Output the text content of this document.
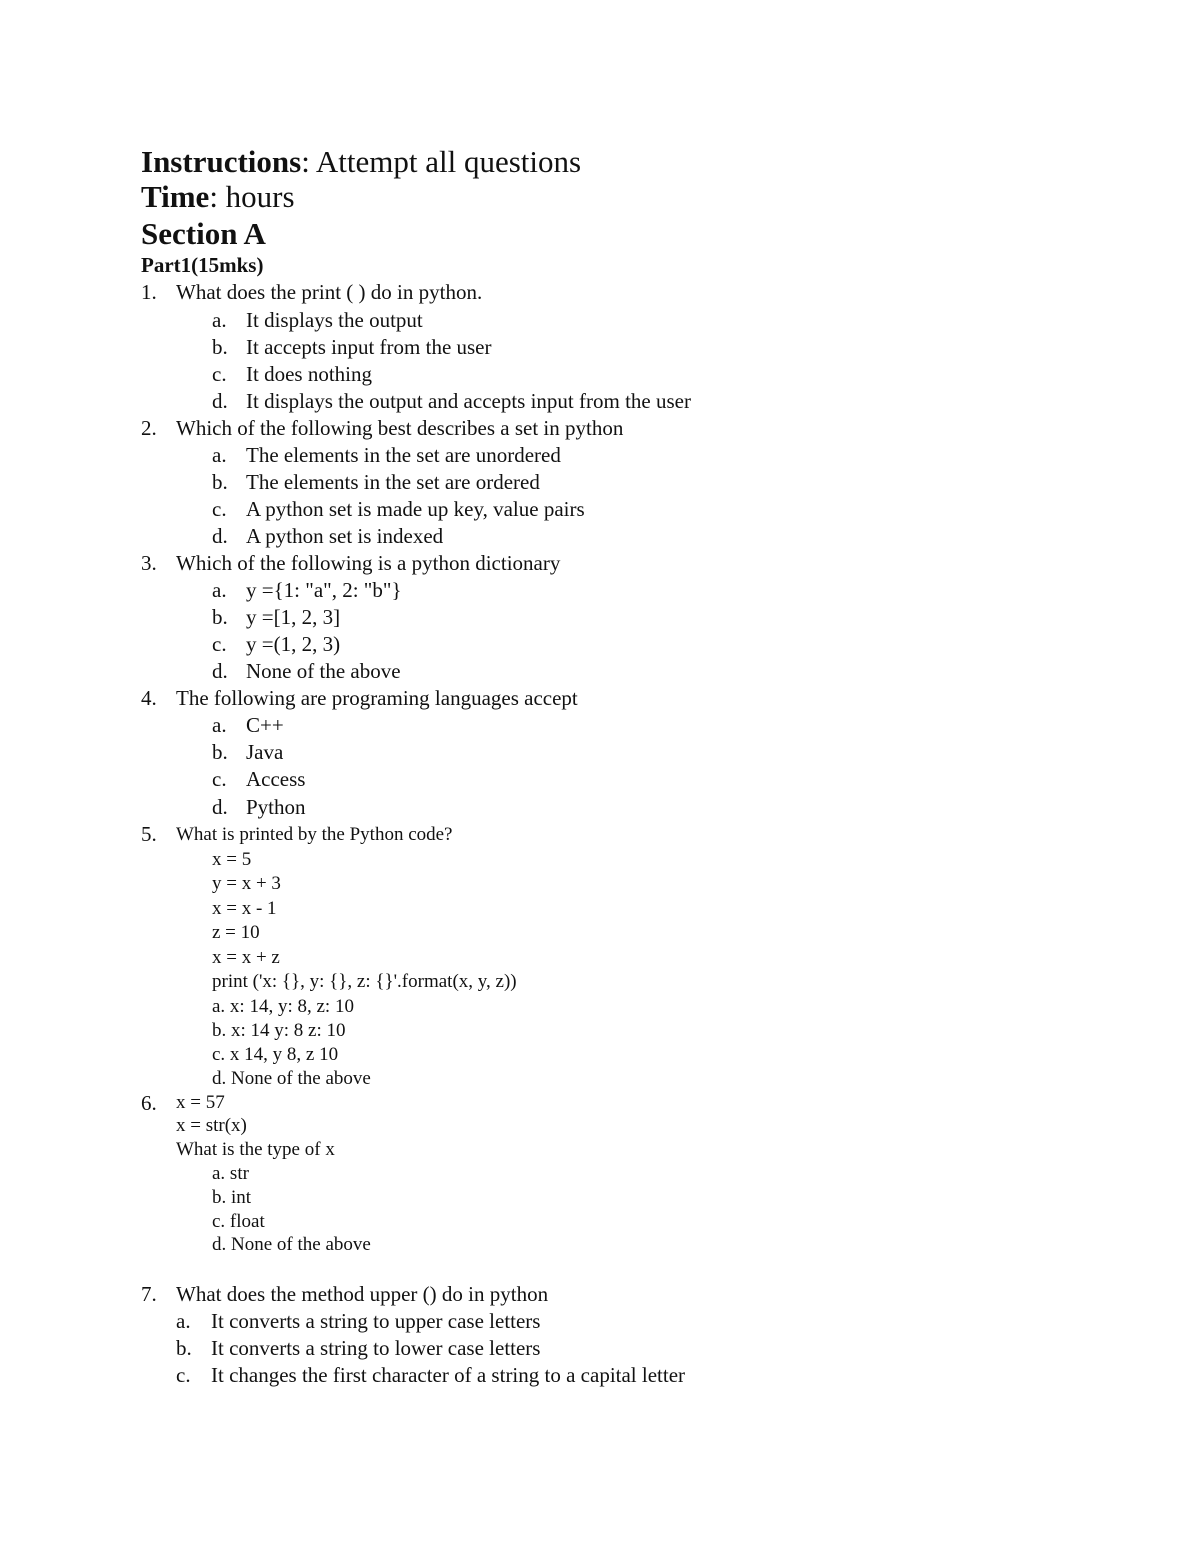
Instructions: Attempt all questions
Time: hours
Section A
Part1(15mks)
1. What does the print ( ) do in python.
a. It displays the output
b. It accepts input from the user
c. It does nothing
d. It displays the output and accepts input from the user
2. Which of the following best describes a set in python
a. The elements in the set are unordered
b. The elements in the set are ordered
c. A python set is made up key, value pairs
d. A python set is indexed
3. Which of the following is a python dictionary
a. y ={1: "a", 2: "b"}
b. y =[1, 2, 3]
c. y =(1, 2, 3)
d. None of the above
4. The following are programing languages accept
a. C++
b. Java
c. Access
d. Python
5. What is printed by the Python code?
x = 5
y = x + 3
x = x - 1
z = 10
x = x + z
print ('x: {}, y: {}, z: {}'.format(x, y, z))
a. x: 14, y: 8, z: 10
b. x: 14 y: 8 z: 10
c. x 14, y 8, z 10
d. None of the above
6. x = 57
x = str(x)
What is the type of x
a. str
b. int
c. float
d. None of the above
7. What does the method upper () do in python
a. It converts a string to upper case letters
b. It converts a string to lower case letters
c. It changes the first character of a string to a capital letter
